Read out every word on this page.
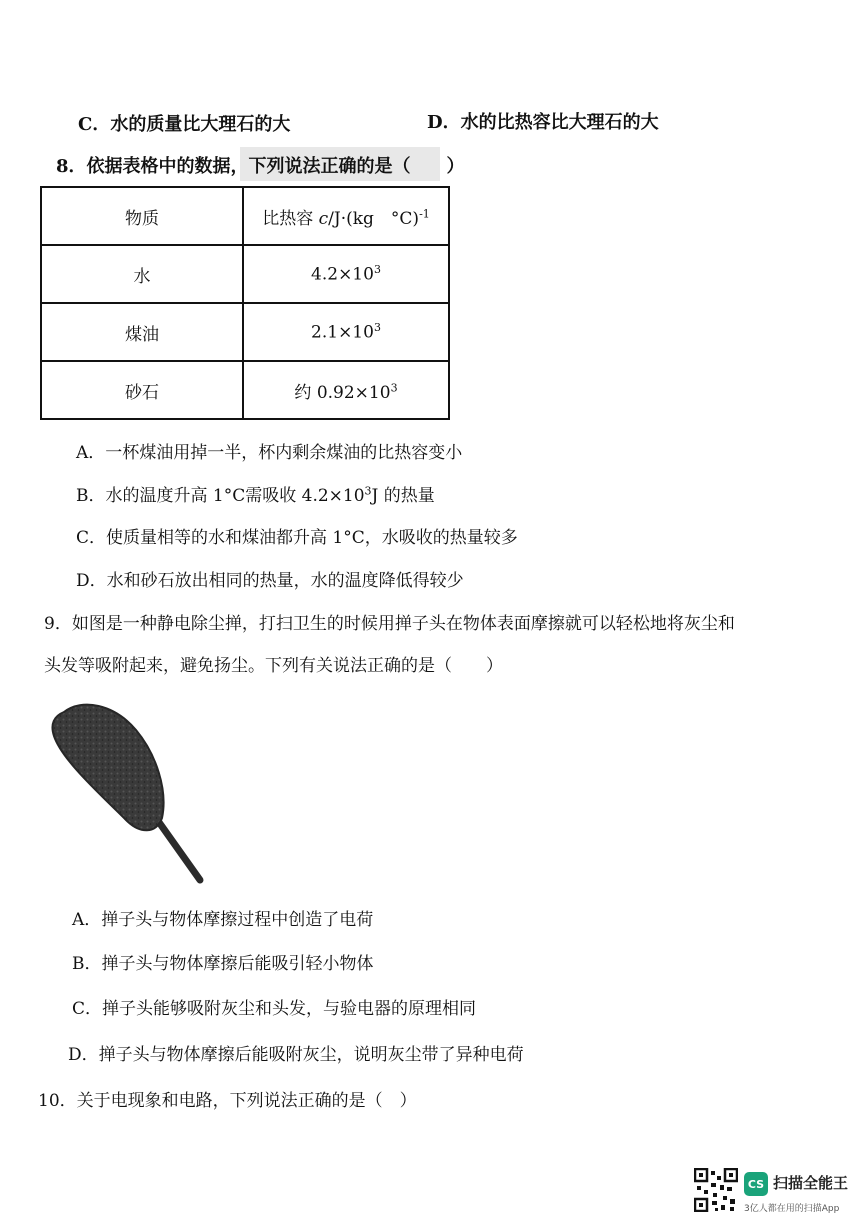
C．水的质量比大理石的大	D．水的比热容比大理石的大
8．依据表格中的数据，下列说法正确的是（　　）
物质	比热容 c/J·(kg　°C)$^{-1}$
水	$4.2\times 10^3$
煤油	$2.1\times 10^3$
砂石	约 $0.92\times 10^3$
A．一杯煤油用掉一半，杯内剩余煤油的比热容变小
B．水的温度升高 1°C需吸收 $4.2\times 10^3J$ 的热量
C．使质量相等的水和煤油都升高 1°C，水吸收的热量较多
D．水和砂石放出相同的热量，水的温度降低得较少
9．如图是一种静电除尘掸，打扫卫生的时候用掸子头在物体表面摩擦就可以轻松地将灰尘和
头发等吸附起来，避免扬尘。下列有关说法正确的是（　　）
A．掸子头与物体摩擦过程中创造了电荷
B．掸子头与物体摩擦后能吸引轻小物体
C．掸子头能够吸附灰尘和头发，与验电器的原理相同
D．掸子头与物体摩擦后能吸附灰尘，说明灰尘带了异种电荷
10．关于电现象和电路，下列说法正确的是（　）
CS 扫描全能王
3亿人都在用的扫描App
